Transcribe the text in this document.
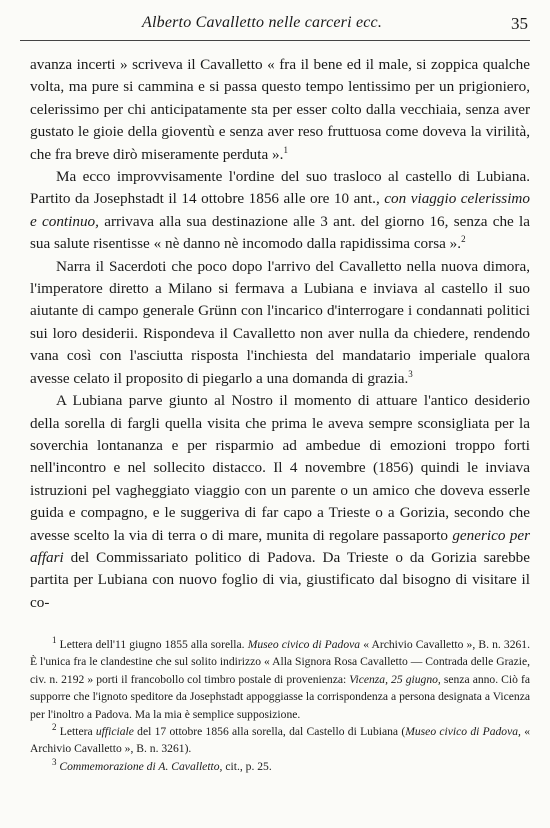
Alberto Cavalletto nelle carceri ecc.	35

avanza incerti » scriveva il Cavalletto « fra il bene ed il male, si zoppica qualche volta, ma pure si cammina e si passa questo tempo lentissimo per un prigioniero, celerissimo per chi anticipatamente sta per esser colto dalla vecchiaia, senza aver gustato le gioie della gioventù e senza aver reso fruttuosa come doveva la virilità, che fra breve dirò miseramente perduta ».$^1$

Ma ecco improvvisamente l'ordine del suo trasloco al castello di Lubiana. Partito da Josephstadt il 14 ottobre 1856 alle ore 10 ant., con viaggio celerissimo e continuo, arrivava alla sua destinazione alle 3 ant. del giorno 16, senza che la sua salute risentisse « nè danno nè incomodo dalla rapidissima corsa ».$^2$

Narra il Sacerdoti che poco dopo l'arrivo del Cavalletto nella nuova dimora, l'imperatore diretto a Milano si fermava a Lubiana e inviava al castello il suo aiutante di campo generale Grünn con l'incarico d'interrogare i condannati politici sui loro desiderii. Rispondeva il Cavalletto non aver nulla da chiedere, rendendo vana così con l'asciutta risposta l'inchiesta del mandatario imperiale qualora avesse celato il proposito di piegarlo a una domanda di grazia.$^3$

A Lubiana parve giunto al Nostro il momento di attuare l'antico desiderio della sorella di fargli quella visita che prima le aveva sempre sconsigliata per la soverchia lontananza e per risparmio ad ambedue di emozioni troppo forti nell'incontro e nel sollecito distacco. Il 4 novembre (1856) quindi le inviava istruzioni pel vagheggiato viaggio con un parente o un amico che doveva esserle guida e compagno, e le suggeriva di far capo a Trieste o a Gorizia, secondo che avesse scelto la via di terra o di mare, munita di regolare passaporto generico per affari del Commissariato politico di Padova. Da Trieste o da Gorizia sarebbe partita per Lubiana con nuovo foglio di via, giustificato dal bisogno di visitare il co-

$^1$ Lettera dell'11 giugno 1855 alla sorella. Museo civico di Padova « Archivio Cavalletto », B. n. 3261. È l'unica fra le clandestine che sul solito indirizzo « Alla Signora Rosa Cavalletto — Contrada delle Grazie, civ. n. 2192 » porti il francobollo col timbro postale di provenienza: Vicenza, 25 giugno, senza anno. Ciò fa supporre che l'ignoto speditore da Josephstadt appoggiasse la corrispondenza a persona designata a Vicenza per l'inoltro a Padova. Ma la mia è semplice supposizione.

$^2$ Lettera ufficiale del 17 ottobre 1856 alla sorella, dal Castello di Lubiana (Museo civico di Padova, « Archivio Cavalletto », B. n. 3261).

$^3$ Commemorazione di A. Cavalletto, cit., p. 25.
